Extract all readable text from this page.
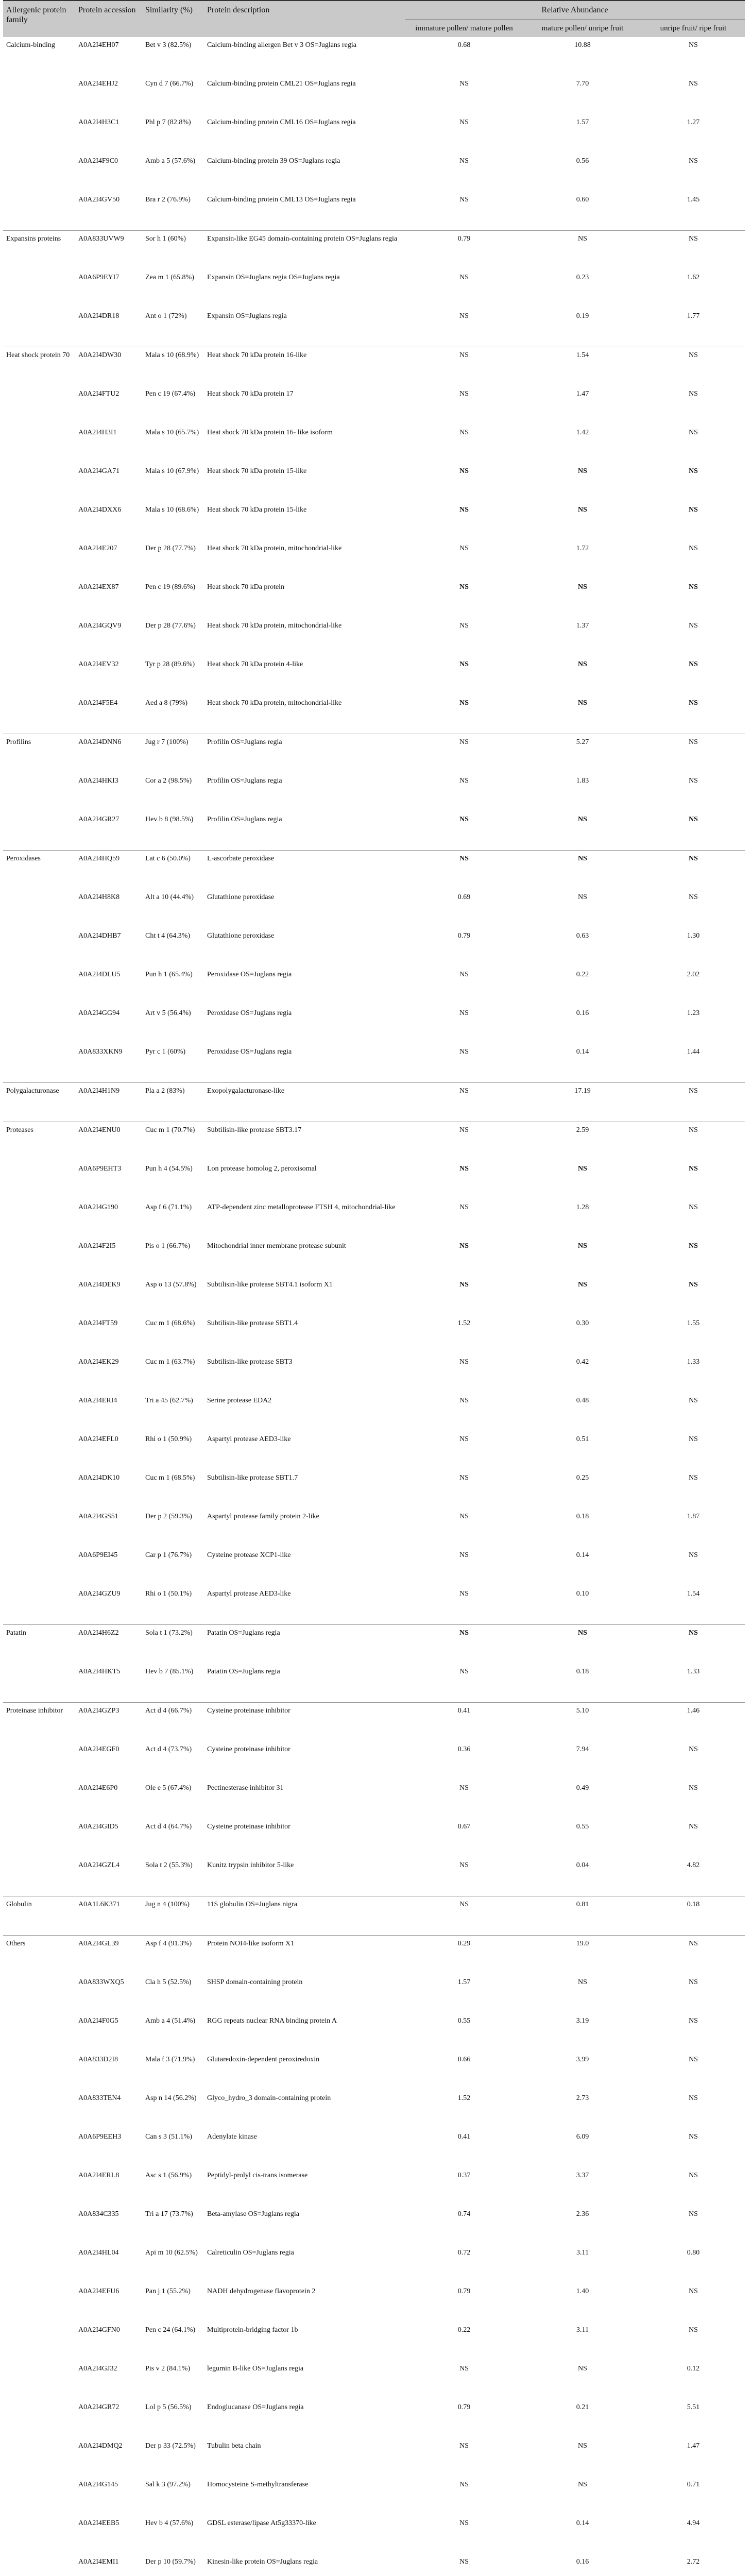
Allergenic protein family	Protein accession	Similarity (%)	Protein description	Relative Abundance		
				immature pollen/ mature pollen	mature pollen/ unripe fruit	unripe fruit/ ripe fruit
Calcium-binding	A0A2I4EH07	Bet v 3 (82.5%)	Calcium-binding allergen Bet v 3 OS=Juglans regia	0.68	10.88	NS
	A0A2I4EHJ2	Cyn d 7 (66.7%)	Calcium-binding protein CML21 OS=Juglans regia	NS	7.70	NS
	A0A2I4H3C1	Phl p 7 (82.8%)	Calcium-binding protein CML16 OS=Juglans regia	NS	1.57	1.27
	A0A2I4F9C0	Amb a 5 (57.6%)	Calcium-binding protein 39 OS=Juglans regia	NS	0.56	NS
	A0A2I4GV50	Bra r 2 (76.9%)	Calcium-binding protein CML13 OS=Juglans regia	NS	0.60	1.45
Expansins proteins	A0A833UVW9	Sor h 1 (60%)	Expansin-like EG45 domain-containing protein OS=Juglans regia	0.79	NS	NS
	A0A6P9EYI7	Zea m 1 (65.8%)	Expansin OS=Juglans regia OS=Juglans regia	NS	0.23	1.62
	A0A2I4DR18	Ant o 1 (72%)	Expansin OS=Juglans regia	NS	0.19	1.77
Heat shock protein 70	A0A2I4DW30	Mala s 10 (68.9%)	Heat shock 70 kDa protein 16-like	NS	1.54	NS
	A0A2I4FTU2	Pen c 19 (67.4%)	Heat shock 70 kDa protein 17	NS	1.47	NS
	A0A2I4H3I1	Mala s 10 (65.7%)	Heat shock 70 kDa protein 16- like isoform	NS	1.42	NS
	A0A2I4GA71	Mala s 10 (67.9%)	Heat shock 70 kDa protein 15-like	NS	NS	NS
	A0A2I4DXX6	Mala s 10 (68.6%)	Heat shock 70 kDa protein 15-like	NS	NS	NS
	A0A2I4E207	Der p 28 (77.7%)	Heat shock 70 kDa protein, mitochondrial-like	NS	1.72	NS
	A0A2I4EX87	Pen c 19 (89.6%)	Heat shock 70 kDa protein	NS	NS	NS
	A0A2I4GQV9	Der p 28 (77.6%)	Heat shock 70 kDa protein, mitochondrial-like	NS	1.37	NS
	A0A2I4EV32	Tyr p 28 (89.6%)	Heat shock 70 kDa protein 4-like	NS	NS	NS
	A0A2I4F5E4	Aed a 8 (79%)	Heat shock 70 kDa protein, mitochondrial-like	NS	NS	NS
Profilins	A0A2I4DNN6	Jug r 7 (100%)	Profilin OS=Juglans regia	NS	5.27	NS
	A0A2I4HKI3	Cor a 2 (98.5%)	Profilin OS=Juglans regia	NS	1.83	NS
	A0A2I4GR27	Hev b 8 (98.5%)	Profilin OS=Juglans regia	NS	NS	NS
Peroxidases	A0A2I4HQ59	Lat c 6 (50.0%)	L-ascorbate peroxidase	NS	NS	NS
	A0A2I4H8K8	Alt a 10 (44.4%)	Glutathione peroxidase	0.69	NS	NS
	A0A2I4DHB7	Cht t 4 (64.3%)	Glutathione peroxidase	0.79	0.63	1.30
	A0A2I4DLU5	Pun h 1 (65.4%)	Peroxidase OS=Juglans regia	NS	0.22	2.02
	A0A2I4GG94	Art v 5 (56.4%)	Peroxidase OS=Juglans regia	NS	0.16	1.23
	A0A833XKN9	Pyr c 1 (60%)	Peroxidase OS=Juglans regia	NS	0.14	1.44
Polygalacturonase	A0A2I4H1N9	Pla a 2 (83%)	Exopolygalacturonase-like	NS	17.19	NS
Proteases	A0A2I4ENU0	Cuc m 1 (70.7%)	Subtilisin-like protease SBT3.17	NS	2.59	NS
	A0A6P9EHT3	Pun h 4 (54.5%)	Lon protease homolog 2, peroxisomal	NS	NS	NS
	A0A2I4G190	Asp f 6 (71.1%)	ATP-dependent zinc metalloprotease FTSH 4, mitochondrial-like	NS	1.28	NS
	A0A2I4F2I5	Pis o 1 (66.7%)	Mitochondrial inner membrane protease subunit	NS	NS	NS
	A0A2I4DEK9	Asp o 13 (57.8%)	Subtilisin-like protease SBT4.1 isoform X1	NS	NS	NS
	A0A2I4FT59	Cuc m 1 (68.6%)	Subtilisin-like protease SBT1.4	1.52	0.30	1.55
	A0A2I4EK29	Cuc m 1 (63.7%)	Subtilisin-like protease SBT3	NS	0.42	1.33
	A0A2I4ERI4	Tri a 45 (62.7%)	Serine protease EDA2	NS	0.48	NS
	A0A2I4EFL0	Rhi o 1 (50.9%)	Aspartyl protease AED3-like	NS	0.51	NS
	A0A2I4DK10	Cuc m 1 (68.5%)	Subtilisin-like protease SBT1.7	NS	0.25	NS
	A0A2I4GS51	Der p 2 (59.3%)	Aspartyl protease family protein 2-like	NS	0.18	1.87
	A0A6P9EI45	Car p 1 (76.7%)	Cysteine protease XCP1-like	NS	0.14	NS
	A0A2I4GZU9	Rhi o 1 (50.1%)	Aspartyl protease AED3-like	NS	0.10	1.54
Patatin	A0A2I4H6Z2	Sola t 1 (73.2%)	Patatin OS=Juglans regia	NS	NS	NS
	A0A2I4HKT5	Hev b 7 (85.1%)	Patatin OS=Juglans regia	NS	0.18	1.33
Proteinase inhibitor	A0A2I4GZP3	Act d 4 (66.7%)	Cysteine proteinase inhibitor	0.41	5.10	1.46
	A0A2I4EGF0	Act d 4 (73.7%)	Cysteine proteinase inhibitor	0.36	7.94	NS
	A0A2I4E6P0	Ole e 5 (67.4%)	Pectinesterase inhibitor 31	NS	0.49	NS
	A0A2I4GID5	Act d 4 (64.7%)	Cysteine proteinase inhibitor	0.67	0.55	NS
	A0A2I4GZL4	Sola t 2 (55.3%)	Kunitz trypsin inhibitor 5-like	NS	0.04	4.82
Globulin	A0A1L6K371	Jug n 4 (100%)	11S globulin OS=Juglans nigra	NS	0.81	0.18
Others	A0A2I4GL39	Asp f 4 (91.3%)	Protein NOI4-like isoform X1	0.29	19.0	NS
	A0A833WXQ5	Cla h 5 (52.5%)	SHSP domain-containing protein	1.57	NS	NS
	A0A2I4F0G5	Amb a 4 (51.4%)	RGG repeats nuclear RNA binding protein A	0.55	3.19	NS
	A0A833D2I8	Mala f 3 (71.9%)	Glutaredoxin-dependent peroxiredoxin	0.66	3.99	NS
	A0A833TEN4	Asp n 14 (56.2%)	Glyco_hydro_3 domain-containing protein	1.52	2.73	NS
	A0A6P9EEH3	Can s 3 (51.1%)	Adenylate kinase	0.41	6.09	NS
	A0A2I4ERL8	Asc s 1 (56.9%)	Peptidyl-prolyl cis-trans isomerase	0.37	3.37	NS
	A0A834C335	Tri a 17 (73.7%)	Beta-amylase OS=Juglans regia	0.74	2.36	NS
	A0A2I4HL04	Api m 10 (62.5%)	Calreticulin OS=Juglans regia	0.72	3.11	0.80
	A0A2I4EFU6	Pan j 1 (55.2%)	NADH dehydrogenase flavoprotein 2	0.79	1.40	NS
	A0A2I4GFN0	Pen c 24 (64.1%)	Multiprotein-bridging factor 1b	0.22	3.11	NS
	A0A2I4GJ32	Pis v 2 (84.1%)	legumin B-like OS=Juglans regia	NS	NS	0.12
	A0A2I4GR72	Lol p 5 (56.5%)	Endoglucanase OS=Juglans regia	0.79	0.21	5.51
	A0A2I4DMQ2	Der p 33 (72.5%)	Tubulin beta chain	NS	NS	1.47
	A0A2I4G145	Sal k 3 (97.2%)	Homocysteine S-methyltransferase	NS	NS	0.71
	A0A2I4EEB5	Hev b 4 (57.6%)	GDSL esterase/lipase At5g33370-like	NS	0.14	4.94
	A0A2I4EMI1	Der p 10 (59.7%)	Kinesin-like protein OS=Juglans regia	NS	0.16	2.72
